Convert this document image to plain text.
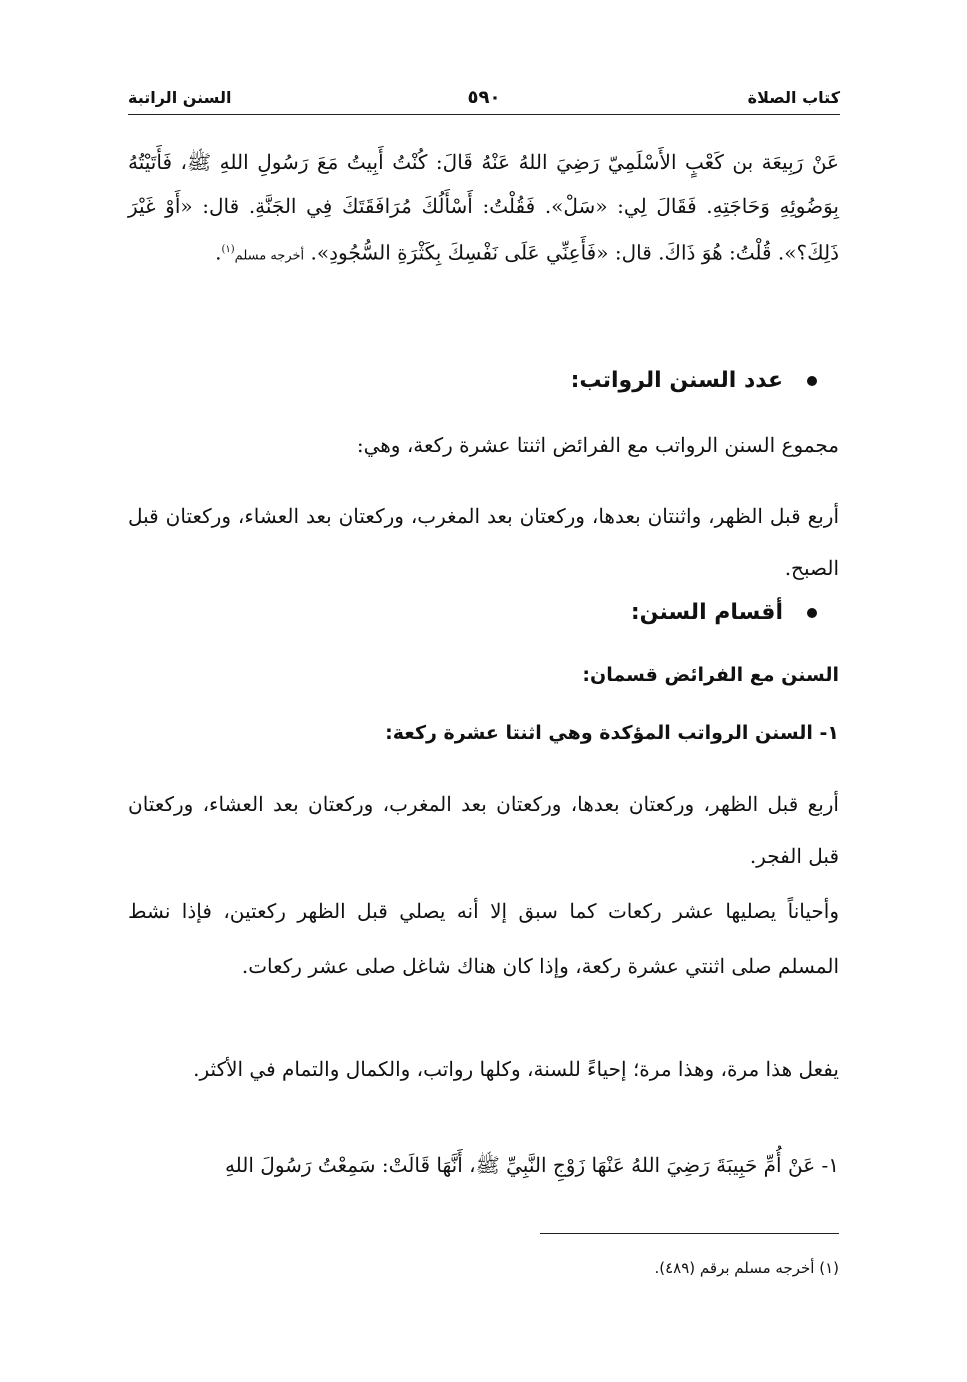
كتاب الصلاة
٥٩٠
السنن الراتبة

عَنْ رَبِيعَة بن كَعْبٍ الأَسْلَمِيّ رَضِيَ اللهُ عَنْهُ قَالَ: كُنْتُ أَبِيتُ مَعَ رَسُولِ اللهِ ﷺ، فَأَتَيْتُهُ بِوَضُوئِهِ وَحَاجَتِهِ. فَقَالَ لِي: «سَلْ». فَقُلْتُ: أَسْأَلُكَ مُرَافَقَتَكَ فِي الجَنَّةِ. قال: «أَوْ غَيْرَ ذَلِكَ؟». قُلْتُ: هُوَ ذَاكَ. قال: «فَأَعِنِّي عَلَى نَفْسِكَ بِكَثْرَةِ السُّجُودِ». أخرجه مسلم$^{(١)}$.

عدد السنن الرواتب:

مجموع السنن الرواتب مع الفرائض اثنتا عشرة ركعة، وهي:

أربع قبل الظهر، واثنتان بعدها، وركعتان بعد المغرب، وركعتان بعد العشاء، وركعتان قبل الصبح.

أقسام السنن:
السنن مع الفرائض قسمان:
١- السنن الرواتب المؤكدة وهي اثنتا عشرة ركعة:

أربع قبل الظهر، وركعتان بعدها، وركعتان بعد المغرب، وركعتان بعد العشاء، وركعتان قبل الفجر.

وأحياناً يصليها عشر ركعات كما سبق إلا أنه يصلي قبل الظهر ركعتين، فإذا نشط المسلم صلى اثنتي عشرة ركعة، وإذا كان هناك شاغل صلى عشر ركعات.

يفعل هذا مرة، وهذا مرة؛ إحياءً للسنة، وكلها رواتب، والكمال والتمام في الأكثر.

١- عَنْ أُمِّ حَبِيبَةَ رَضِيَ اللهُ عَنْهَا زَوْجِ النَّبِيِّ ﷺ، أَنَّهَا قَالَتْ: سَمِعْتُ رَسُولَ اللهِ

(١) أخرجه مسلم برقم (٤٨٩).
